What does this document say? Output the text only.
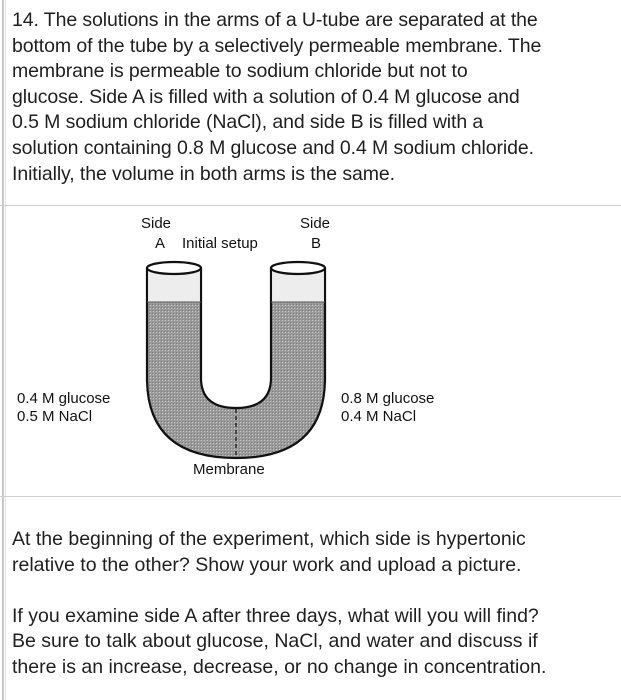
14. The solutions in the arms of a U-tube are separated at the
bottom of the tube by a selectively permeable membrane. The
membrane is permeable to sodium chloride but not to
glucose. Side A is filled with a solution of 0.4 M glucose and
0.5 M sodium chloride (NaCl), and side B is filled with a
solution containing 0.8 M glucose and 0.4 M sodium chloride.
Initially, the volume in both arms is the same.
Side
A Initial setup
Side
B
0.4 M glucose
0.5 M NaCl
0.8 M glucose
0.4 M NaCl
Membrane
At the beginning of the experiment, which side is hypertonic
relative to the other? Show your work and upload a picture.
If you examine side A after three days, what will you will find?
Be sure to talk about glucose, NaCl, and water and discuss if
there is an increase, decrease, or no change in concentration.
